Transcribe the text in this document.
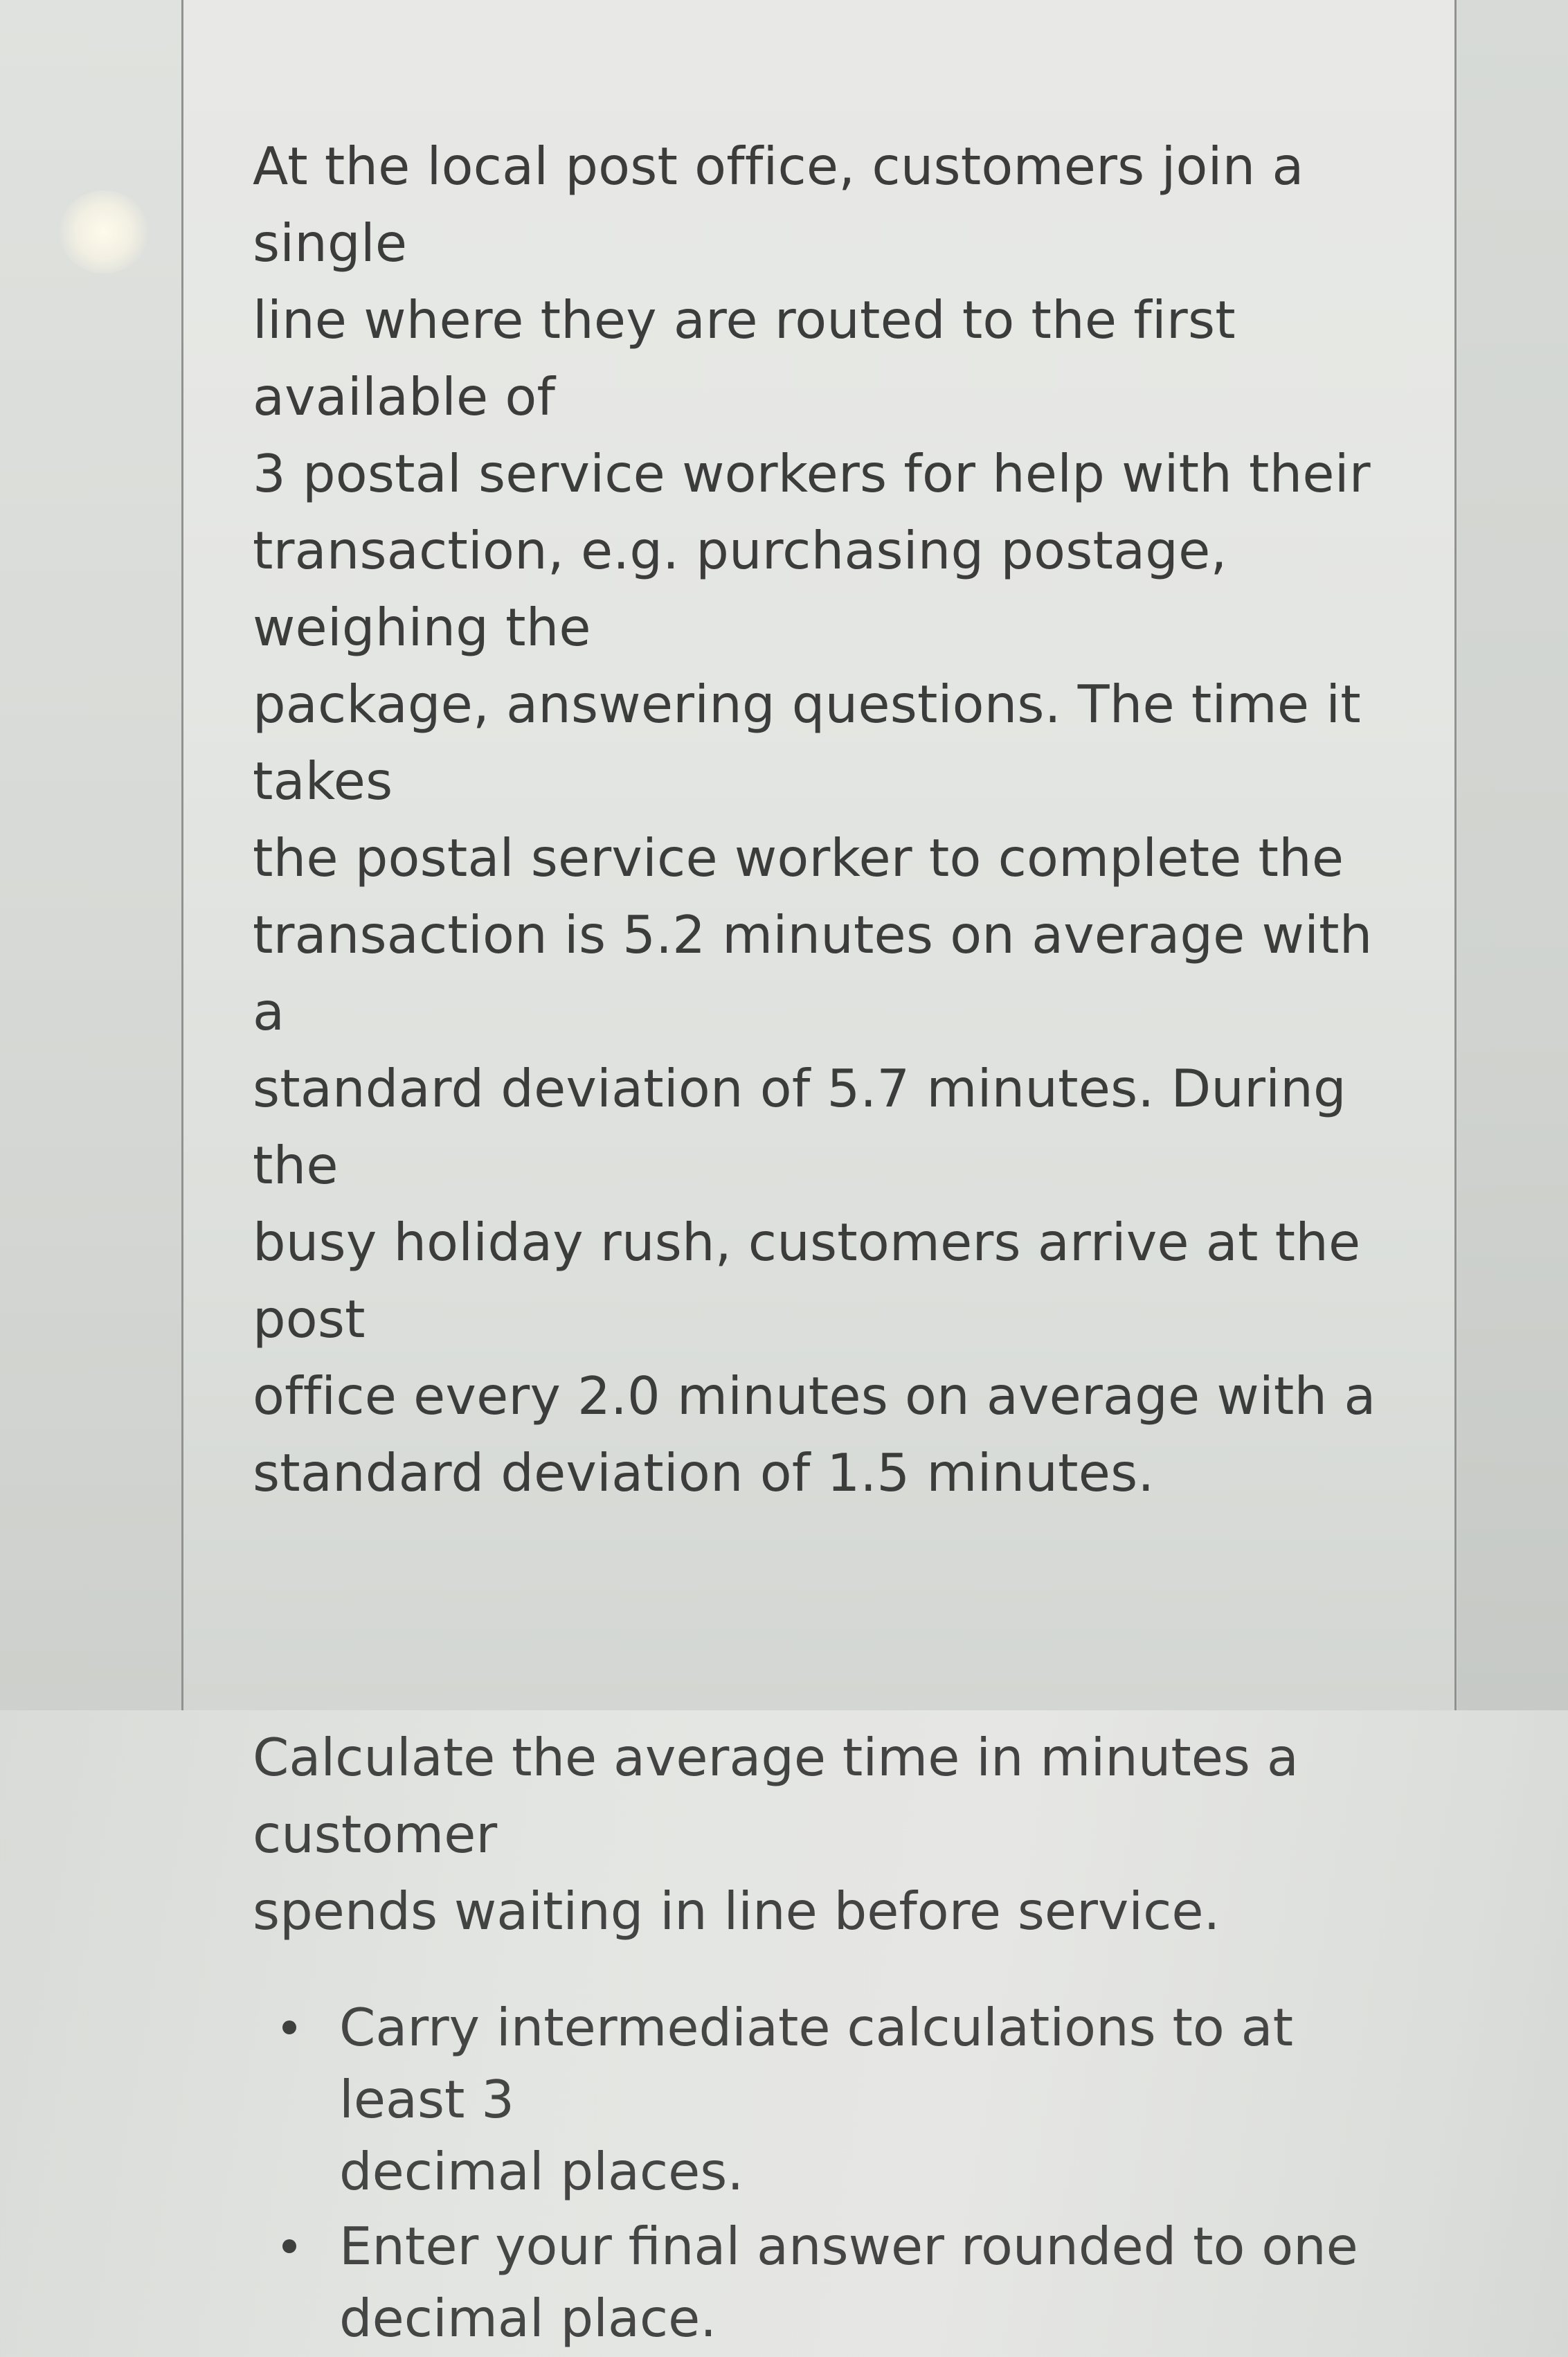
At the local post office, customers join a single
line where they are routed to the first available of
3 postal service workers for help with their
transaction, e.g. purchasing postage, weighing the
package, answering questions. The time it takes
the postal service worker to complete the
transaction is 5.2 minutes on average with a
standard deviation of 5.7 minutes. During the
busy holiday rush, customers arrive at the post
office every 2.0 minutes on average with a
standard deviation of 1.5 minutes.

Calculate the average time in minutes a customer
spends waiting in line before service.

Carry intermediate calculations to at least 3
decimal places.
Enter your final answer rounded to one
decimal place.
